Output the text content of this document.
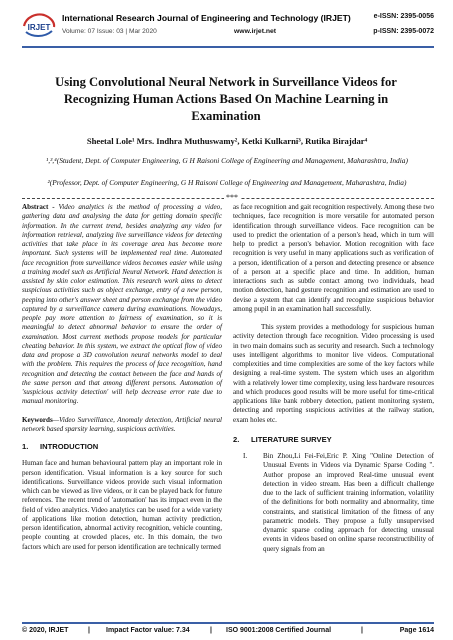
IRJET
International Research Journal of Engineering and Technology (IRJET)
Volume: 07 Issue: 03 | Mar 2020	www.irjet.net
e-ISSN: 2395-0056
p-ISSN: 2395-0072
Using Convolutional Neural Network in Surveillance Videos for Recognizing Human Actions Based On Machine Learning in Examination
Sheetal Lole¹ Mrs. Indhra Muthuswamy², Ketki Kulkarni³, Rutika Birajdar⁴
¹,³,⁴(Student, Dept. of Computer Engineering, G H Raisoni College of Engineering and Management, Maharashtra, India)
²(Professor, Dept. of Computer Engineering, G H Raisoni College of Engineering and Management, Maharashtra, India)
***

Abstract - Video analytics is the method of processing a video, gathering data and analysing the data for getting domain specific information. In the current trend, besides analyzing any video for information retrieval, analyzing live surveillance videos for detecting activities that take place in its coverage area has become more important. Such systems will be implemented real time. Automated face recognition from surveillance videos becomes easier while using a training model such as Artificial Neural Network. Hand detection is assisted by skin color estimation. This research work aims to detect suspicious activities such as object exchange, entry of a new person, peeping into other's answer sheet and person exchange from the video captured by a surveillance camera during examinations. Nowadays, people pay more attention to fairness of examination, so it is meaningful to detect abnormal behavior to ensure the order of examination. Most current methods propose models for particular cheating behavior. In this system, we extract the optical flow of video data and propose a 3D convolution neural networks model to deal with the problem. This requires the process of face recognition, hand recognition and detecting the contact between the face and hands of the same person and that among different persons. Automation of 'suspicious activity detection' will help decrease error rate due to manual monitoring.

Keywords—Video Surveillance, Anomaly detection, Artificial neural network based sparsity learning, suspicious activities.

1. INTRODUCTION

Human face and human behavioural pattern play an important role in person identification. Visual information is a key source for such identifications. Surveillance videos provide such visual information which can be viewed as live videos, or it can be played back for future references. The recent trend of 'automation' has its impact even in the field of video analytics. Video analytics can be used for a wide variety of applications like motion detection, human activity prediction, person identification, abnormal activity recognition, vehicle counting, people counting at crowded places, etc. In this domain, the two factors which are used for person identification are technically termed

as face recognition and gait recognition respectively. Among these two techniques, face recognition is more versatile for automated person identification through surveillance videos. Face recognition can be used to predict the orientation of a person's head, which in turn will help to predict a person's behavior. Motion recognition with face recognition is very useful in many applications such as verification of a person, identification of a person and detecting presence or absence of a person at a specific place and time. In addition, human interactions such as subtle contact among two individuals, head motion detection, hand gesture recognition and estimation are used to devise a system that can identify and recognize suspicious behavior among pupil in an examination hall successfully.

This system provides a methodology for suspicious human activity detection through face recognition. Video processing is used in two main domains such as security and research. Such a technology uses intelligent algorithms to monitor live videos. Computational complexities and time complexities are some of the key factors while designing a real-time system. The system which uses an algorithm with a relatively lower time complexity, using less hardware resources and which produces good results will be more useful for time-critical applications like bank robbery detection, patient monitoring system, detecting and reporting suspicious activities at the railway station, exam holes etc.

2. LITERATURE SURVEY
I. Bin Zhou,Li Fei-Fei,Eric P. Xing "Online Detection of Unusual Events in Videos via Dynamic Sparse Coding ". Author propose an improved Real-time unusual event detection in video stream. Has been a difficult challenge due to the lack of sufficient training information, volatility of the definitions for both normality and abnormality, time constraints, and statistical limitation of the fitness of any parametric models. They propose a fully unsupervised dynamic sparse coding approach for detecting unusual events in videos based on online sparse reconstructibility of query signals from an
© 2020, IRJET	| Impact Factor value: 7.34	| ISO 9001:2008 Certified Journal	|	Page 1614
